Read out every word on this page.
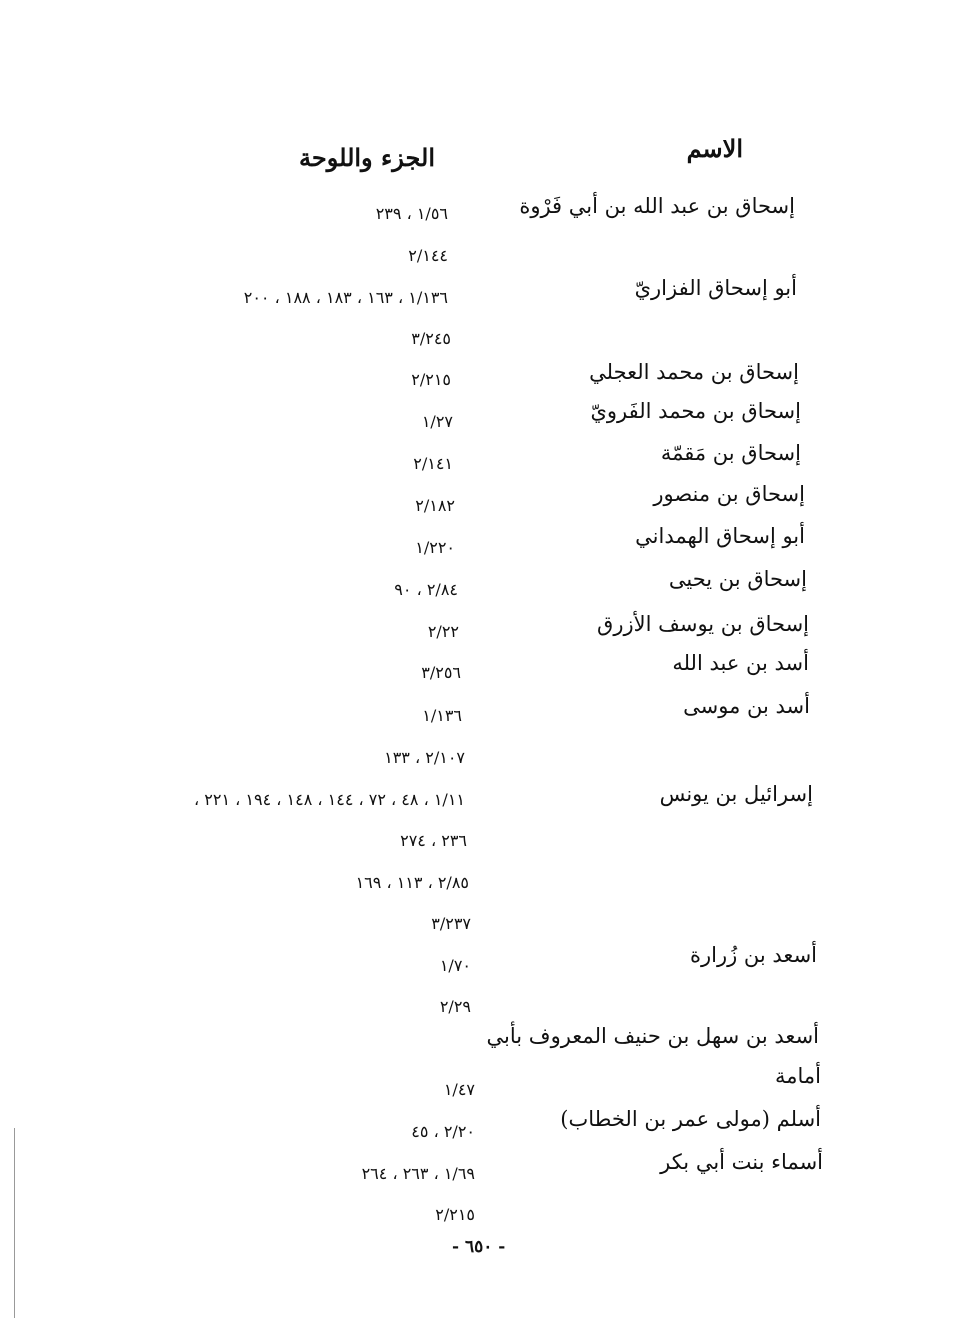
الاسم
الجزء واللوحة
إسحاق بن عبد الله بن أبي فَرْوة
أبو إسحاق الفزاريّ
إسحاق بن محمد العجلي
إسحاق بن محمد الفَرويّ
إسحاق بن مَقمّة
إسحاق بن منصور
أبو إسحاق الهمداني
إسحاق بن يحيى
إسحاق بن يوسف الأزرق
أسد بن عبد الله
أسد بن موسى
إسرائيل بن يونس
أسعد بن زُرارة
أسعد بن سهل بن حنيف المعروف بأبي
أمامة
أسلم (مولى عمر بن الخطاب)
أسماء بنت أبي بكر
١/٥٦ ، ٢٣٩
٢/١٤٤
١/١٣٦ ، ١٦٣ ، ١٨٣ ، ١٨٨ ، ٢٠٠
٣/٢٤٥
٢/٢١٥
١/٢٧
٢/١٤١
٢/١٨٢
١/٢٢٠
٢/٨٤ ، ٩٠
٢/٢٢
٣/٢٥٦
١/١٣٦
٢/١٠٧ ، ١٣٣
١/١١ ، ٤٨ ، ٧٢ ، ١٤٤ ، ١٤٨ ، ١٩٤ ، ٢٢١ ،
٢٣٦ ، ٢٧٤
٢/٨٥ ، ١١٣ ، ١٦٩
٣/٢٣٧
١/٧٠
٢/٢٩
١/٤٧
٢/٢٠ ، ٤٥
١/٦٩ ، ٢٦٣ ، ٢٦٤
٢/٢١٥
- ٦٥٠ -
